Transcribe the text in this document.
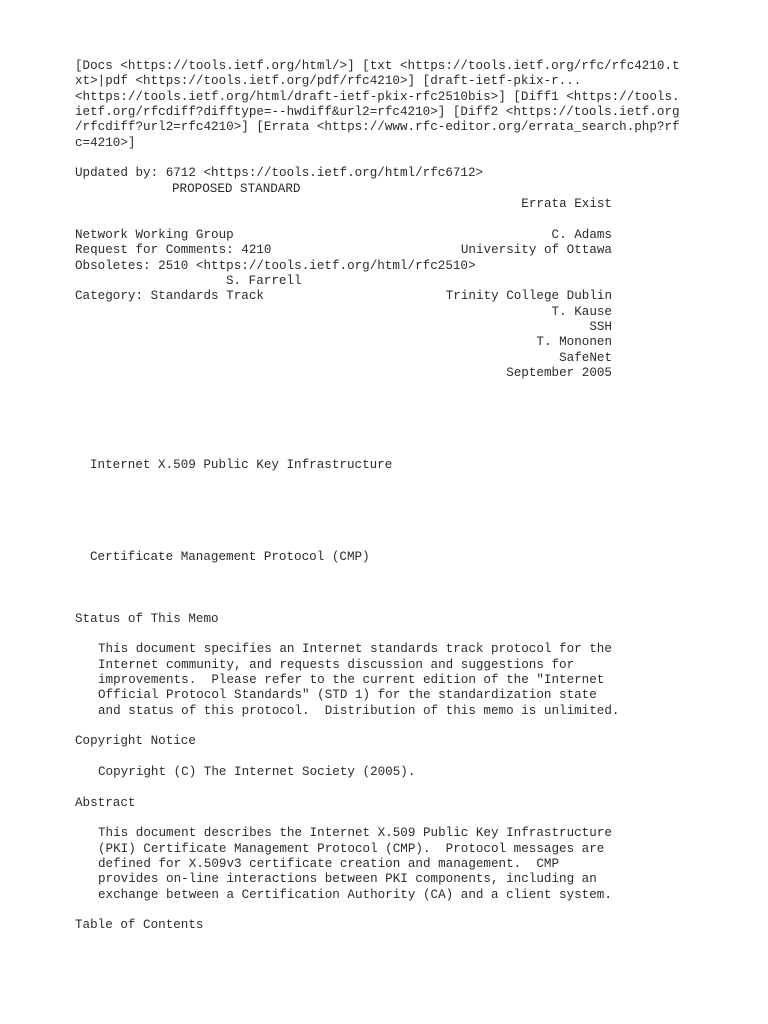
[Docs <https://tools.ietf.org/html/>] [txt <https://tools.ietf.org/rfc/rfc4210.t

xt>|pdf <https://tools.ietf.org/pdf/rfc4210>] [draft-ietf-pkix-r...

<https://tools.ietf.org/html/draft-ietf-pkix-rfc2510bis>] [Diff1 <https://tools.

ietf.org/rfcdiff?difftype=--hwdiff&url2=rfc4210>] [Diff2 <https://tools.ietf.org

/rfcdiff?url2=rfc4210>] [Errata <https://www.rfc-editor.org/errata_search.php?rf

c=4210>]

Updated by: 6712 <https://tools.ietf.org/html/rfc6712>

PROPOSED STANDARD

Errata Exist

Network Working Group

	C. Adams

Request for Comments: 4210

	University of Ottawa

Obsoletes: 2510 <https://tools.ietf.org/html/rfc2510>

S. Farrell

Category: Standards Track

	Trinity College Dublin

T. Kause

SSH

T. Mononen

SafeNet

September 2005

Internet X.509 Public Key Infrastructure

Certificate Management Protocol (CMP)

Status of This Memo

This document specifies an Internet standards track protocol for the

Internet community, and requests discussion and suggestions for

improvements.  Please refer to the current edition of the "Internet

Official Protocol Standards" (STD 1) for the standardization state

and status of this protocol.  Distribution of this memo is unlimited.

Copyright Notice

Copyright (C) The Internet Society (2005).

Abstract

This document describes the Internet X.509 Public Key Infrastructure

(PKI) Certificate Management Protocol (CMP).  Protocol messages are

defined for X.509v3 certificate creation and management.  CMP

provides on-line interactions between PKI components, including an

exchange between a Certification Authority (CA) and a client system.

Table of Contents
